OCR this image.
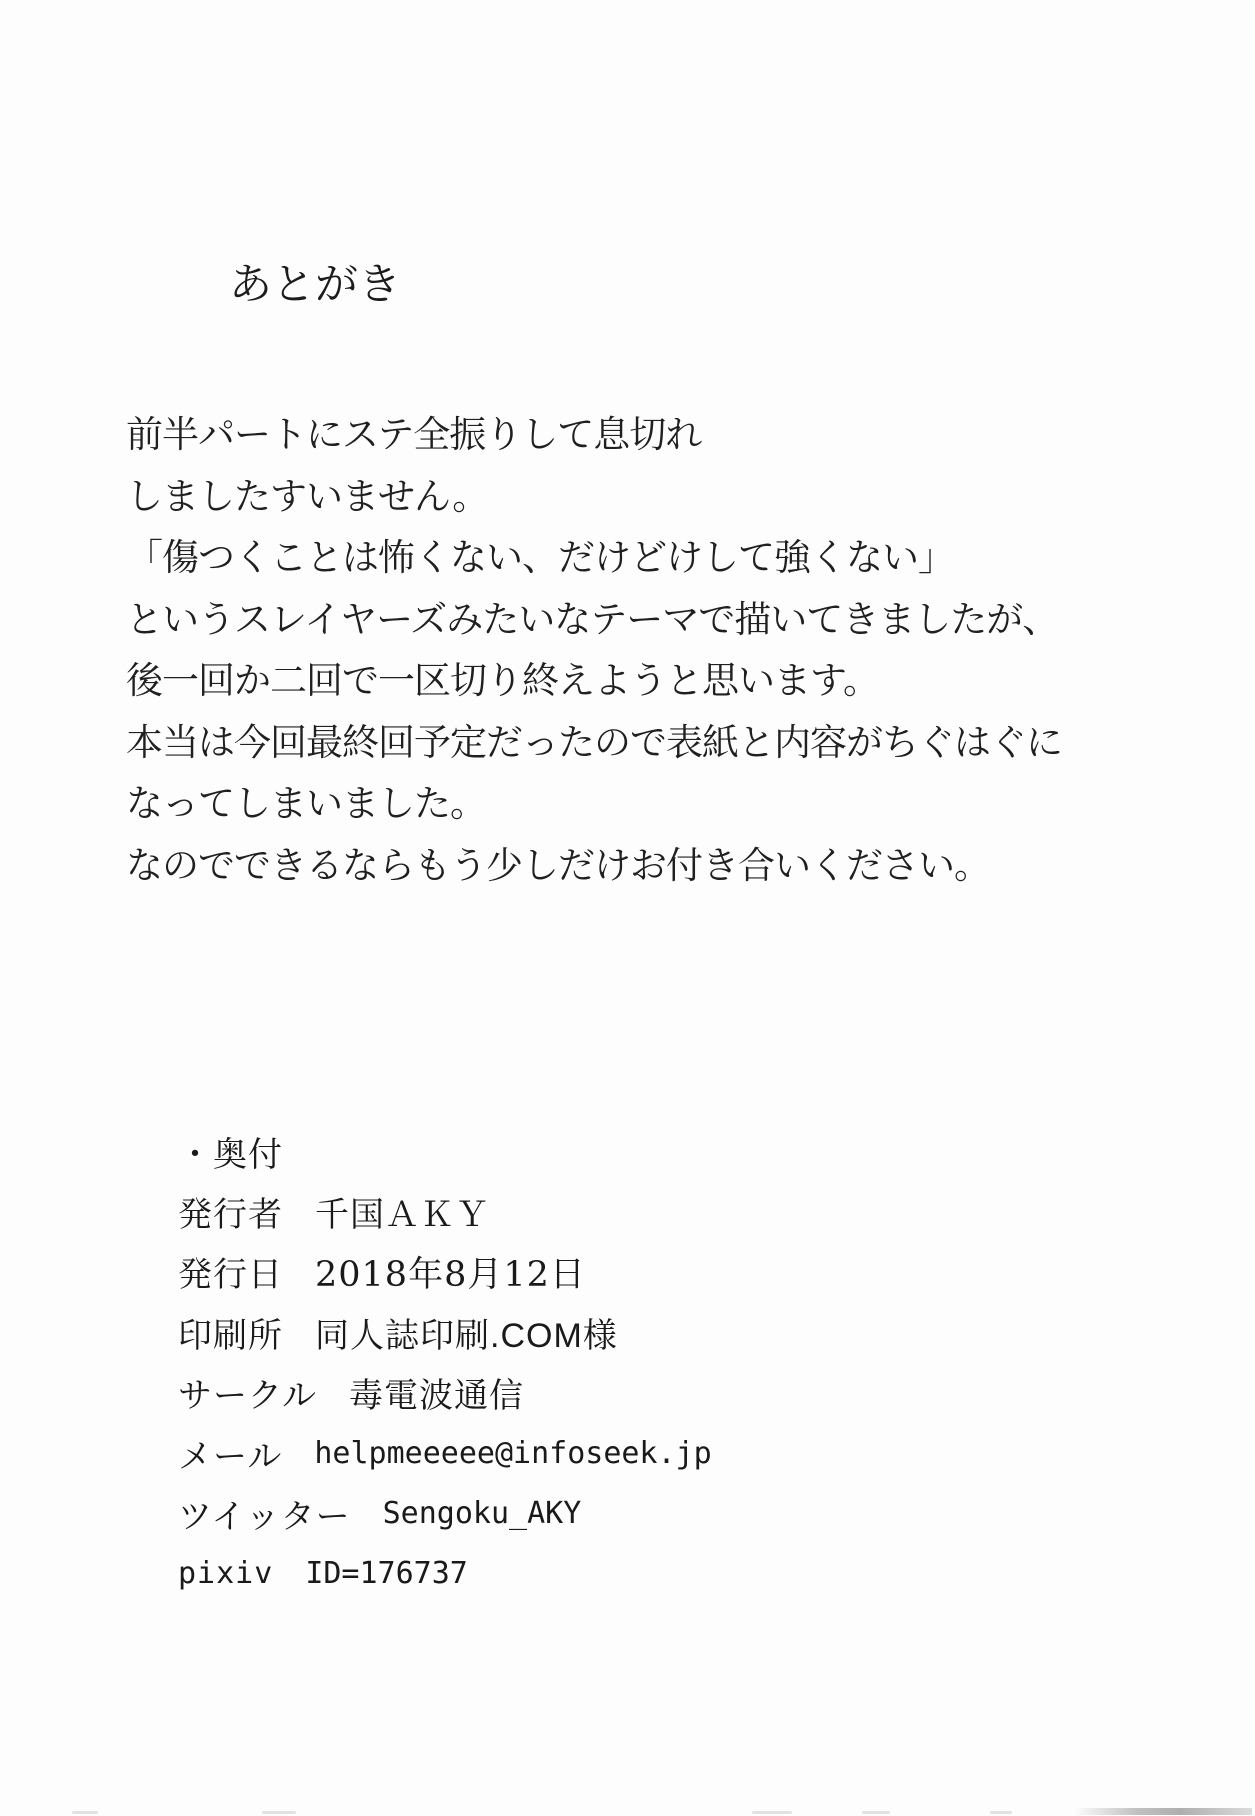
あとがき

前半パートにステ全振りして息切れ

しましたすいません。

「傷つくことは怖くない、だけどけして強くない」

というスレイヤーズみたいなテーマで描いてきましたが、

後一回か二回で一区切り終えようと思います。

本当は今回最終回予定だったので表紙と内容がちぐはぐに

なってしまいました。

なのでできるならもう少しだけお付き合いください。

・奥付
発行者 千国ＡＫＹ
発行日 2018年8月12日
印刷所 同人誌印刷.COM様
サークル 毒電波通信
メール helpmeeeee@infoseek.jp
ツイッター Sengoku_AKY
pixiv ID=176737
